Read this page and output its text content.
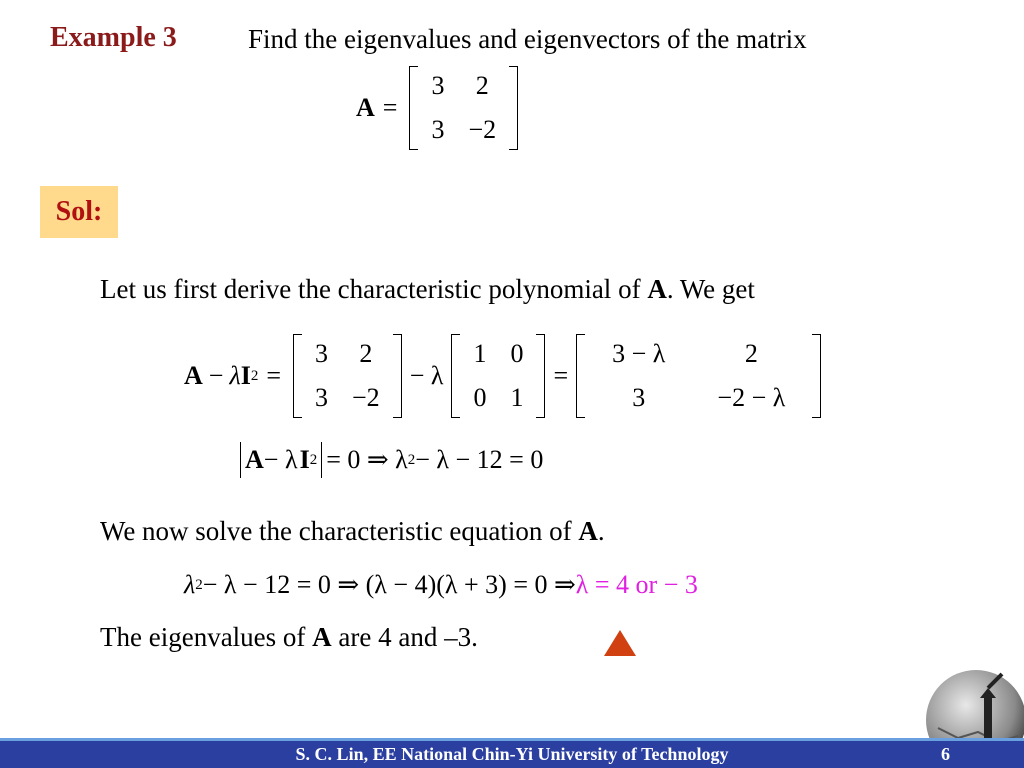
Example 3	Find the eigenvalues and eigenvectors of the matrix
A =
3	2
3	−2
Sol:
Let us first derive the characteristic polynomial of A. We get
A − λ I 2 =
3	2
3	−2
− λ
1	0
0	1
=
3 − λ	2
3	−2 − λ
A − λ I 2 = 0 ⇒ λ 2 − λ − 12 = 0
We now solve the characteristic equation of A.
λ 2 − λ − 12 = 0 ⇒ (λ − 4)(λ + 3) = 0 ⇒ λ = 4 or − 3
The eigenvalues of A are 4 and –3.
S. C. Lin, EE National Chin-Yi University of Technology	6
